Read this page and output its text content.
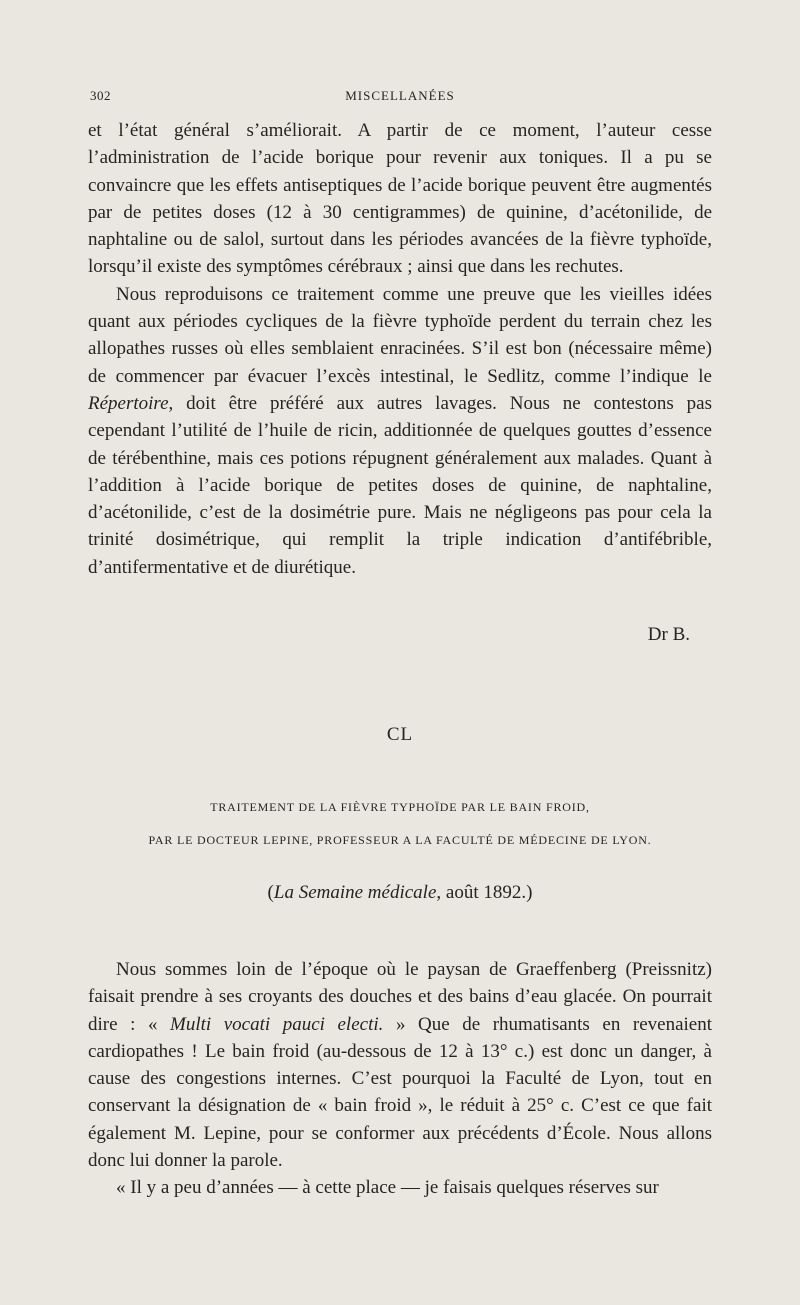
302	MISCELLANÉES

et l’état général s’améliorait. A partir de ce moment, l’auteur cesse l’administration de l’acide borique pour revenir aux toniques. Il a pu se convaincre que les effets antiseptiques de l’acide borique peuvent être augmentés par de petites doses (12 à 30 centigrammes) de quinine, d’acétonilide, de naphtaline ou de salol, surtout dans les périodes avancées de la fièvre typhoïde, lorsqu’il existe des symptômes cérébraux ; ainsi que dans les rechutes.

Nous reproduisons ce traitement comme une preuve que les vieilles idées quant aux périodes cycliques de la fièvre typhoïde perdent du terrain chez les allopathes russes où elles semblaient enracinées. S’il est bon (nécessaire même) de commencer par évacuer l’excès intestinal, le Sedlitz, comme l’indique le Répertoire, doit être préféré aux autres lavages. Nous ne contestons pas cependant l’utilité de l’huile de ricin, additionnée de quelques gouttes d’essence de térébenthine, mais ces potions répugnent généralement aux malades. Quant à l’addition à l’acide borique de petites doses de quinine, de naphtaline, d’acétonilide, c’est de la dosimétrie pure. Mais ne négligeons pas pour cela la trinité dosimétrique, qui remplit la triple indication d’antifébrible, d’antifermentative et de diurétique.

Dr B.
CL
TRAITEMENT DE LA FIÈVRE TYPHOÏDE PAR LE BAIN FROID,
PAR LE DOCTEUR LEPINE, PROFESSEUR A LA FACULTÉ DE MÉDECINE DE LYON.
(La Semaine médicale, août 1892.)

Nous sommes loin de l’époque où le paysan de Graeffenberg (Preissnitz) faisait prendre à ses croyants des douches et des bains d’eau glacée. On pourrait dire : « Multi vocati pauci electi. » Que de rhumatisants en revenaient cardiopathes ! Le bain froid (au-dessous de 12 à 13° c.) est donc un danger, à cause des congestions internes. C’est pourquoi la Faculté de Lyon, tout en conservant la désignation de « bain froid », le réduit à 25° c. C’est ce que fait également M. Lepine, pour se conformer aux précédents d’École. Nous allons donc lui donner la parole.

« Il y a peu d’années — à cette place — je faisais quelques réserves sur
